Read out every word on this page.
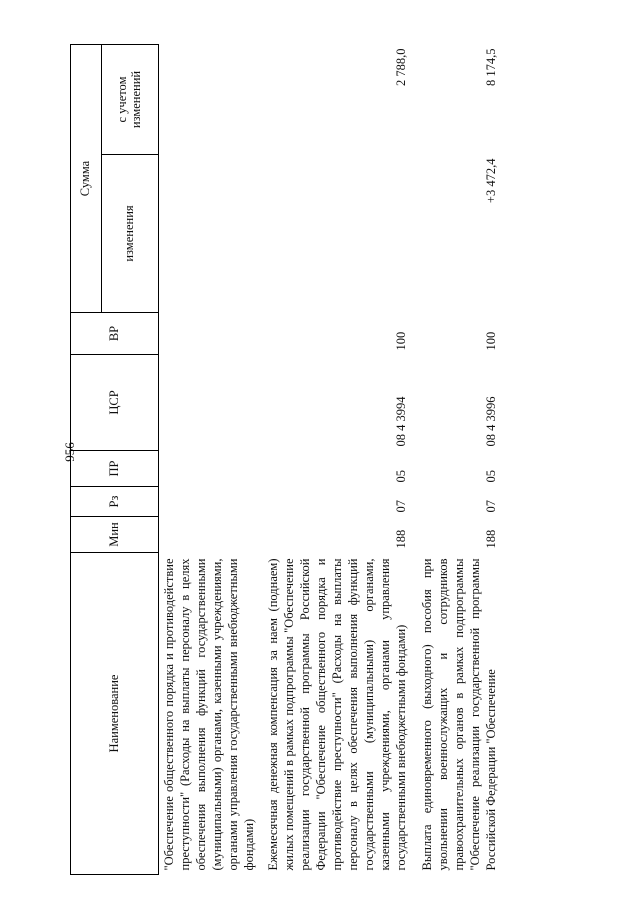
956
Наименование	Мин	Рз	ПР	ЦСР	ВР	Сумма	
						изменения	с учетом изменений
"Обеспечение общественного порядка и противодействие преступности" (Расходы на выплаты персоналу в целях обеспечения выполнения функций государственными (муниципальными) органами, казенными учреждениями, органами управления государственными внебюджетными фондами)							
Ежемесячная денежная компенсация за наем (поднаем) жилых помещений в рамках подпрограммы "Обеспечение реализации государственной программы Российской Федерации "Обеспечение общественного порядка и противодействие преступности" (Расходы на выплаты персоналу в целях обеспечения выполнения функций государственными (муниципальными) органами, казенными учреждениями, органами управления государственными внебюджетными фондами)	188	07	05	08 4 3994	100		2 788,0
Выплата единовременного (выходного) пособия при увольнении военнослужащих и сотрудников правоохранительных органов в рамках подпрограммы "Обеспечение реализации государственной программы Российской Федерации "Обеспечение	188	07	05	08 4 3996	100	+3 472,4	8 174,5
